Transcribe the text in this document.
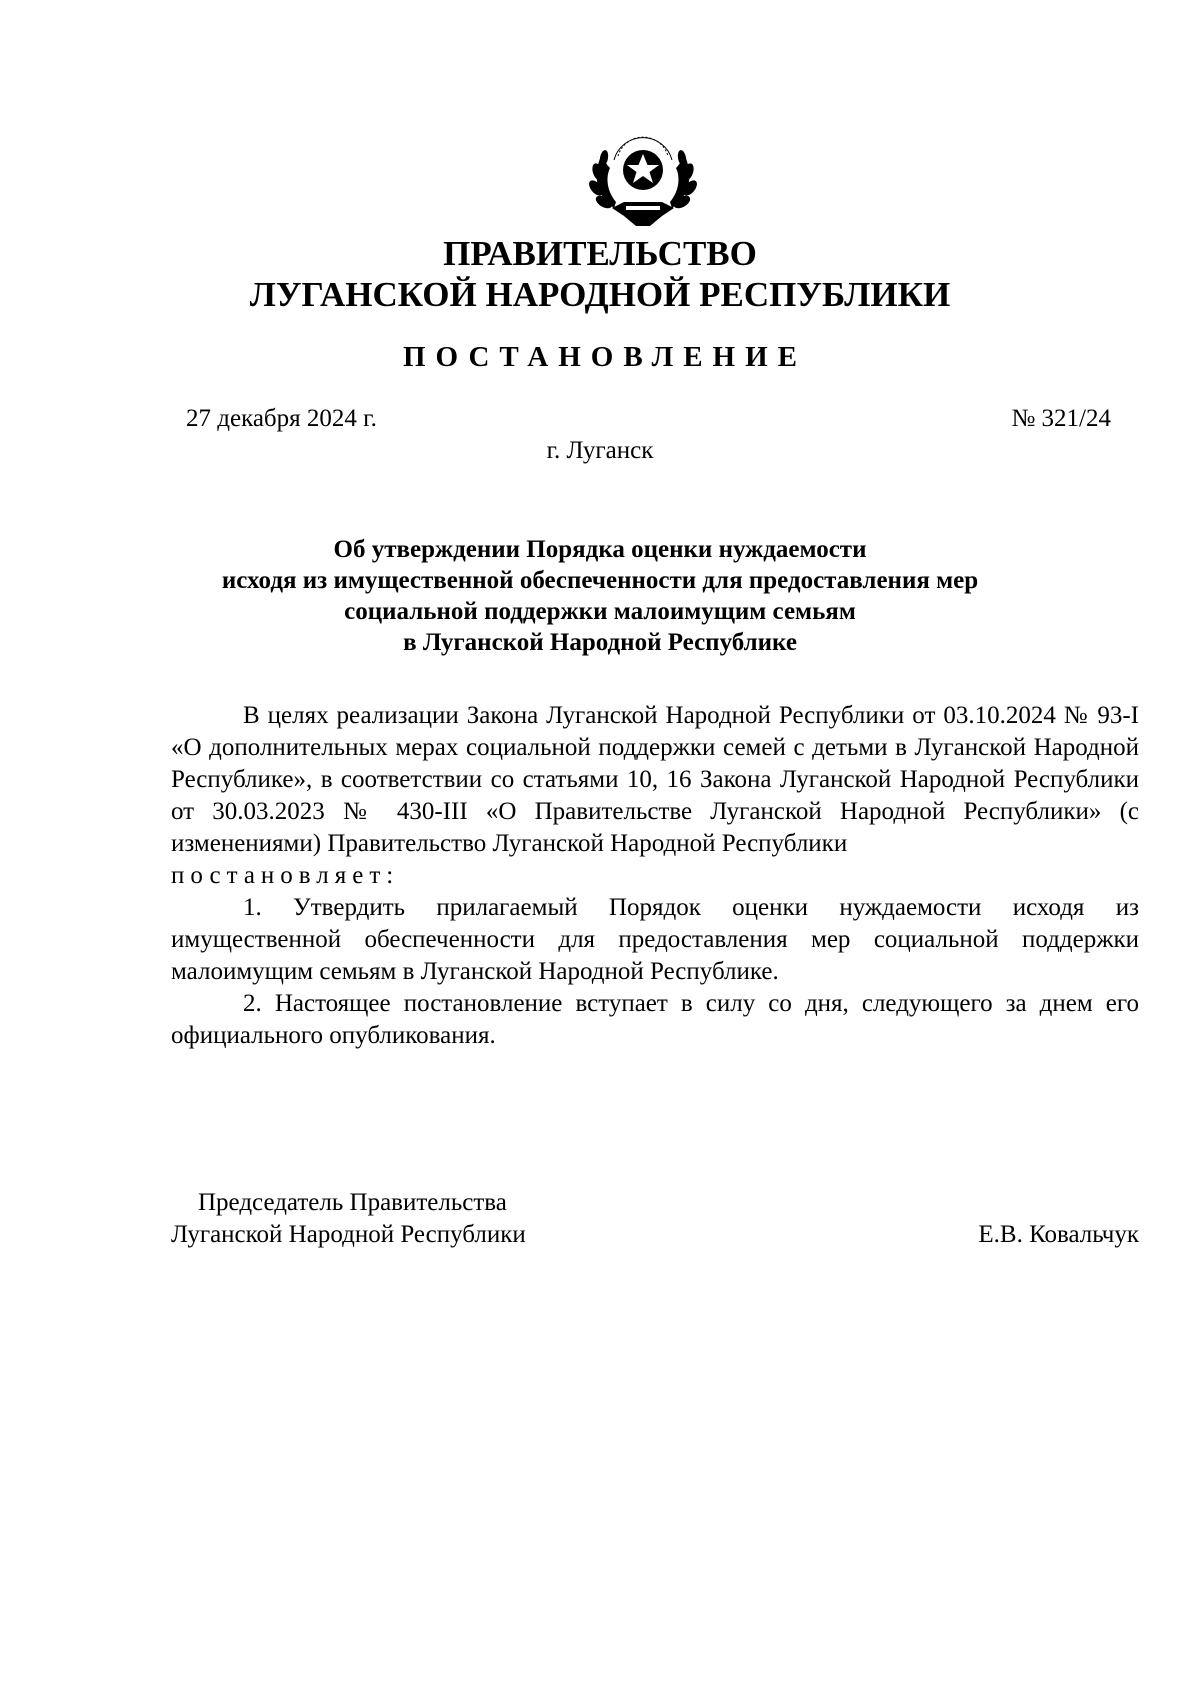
ПРАВИТЕЛЬСТВО
ЛУГАНСКОЙ НАРОДНОЙ РЕСПУБЛИКИ
ПОСТАНОВЛЕНИЕ
27 декабря 2024 г.	№ 321/24
г. Луганск
Об утверждении Порядка оценки нуждаемости
исходя из имущественной обеспеченности для предоставления мер
социальной поддержки малоимущим семьям
в Луганской Народной Республике

В целях реализации Закона Луганской Народной Республики от 03.10.2024 № 93-I «О дополнительных мерах социальной поддержки семей с детьми в Луганской Народной Республике», в соответствии со статьями 10, 16 Закона Луганской Народной Республики от 30.03.2023 № 430-III «О Правительстве Луганской Народной Республики» (с изменениями) Правительство Луганской Народной Республики
постановляет:

1. Утвердить прилагаемый Порядок оценки нуждаемости исходя из имущественной обеспеченности для предоставления мер социальной поддержки малоимущим семьям в Луганской Народной Республике.

2. Настоящее постановление вступает в силу со дня, следующего за днем его официального опубликования.

Председатель Правительства
Луганской Народной Республики	Е.В. Ковальчук
